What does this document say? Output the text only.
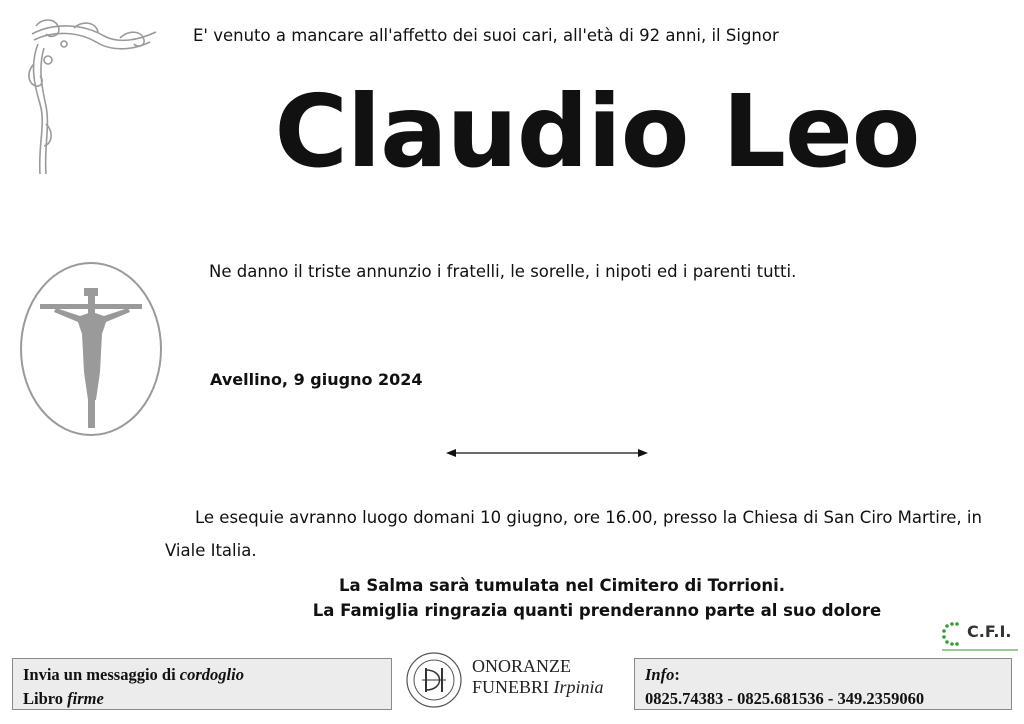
E' venuto a mancare all'affetto dei suoi cari, all'età di 92 anni, il Signor
Claudio Leo
Ne danno il triste annunzio i fratelli, le sorelle, i nipoti ed i parenti tutti.
Avellino, 9 giugno 2024
Le esequie avranno luogo domani 10 giugno, ore 16.00, presso la Chiesa di San Ciro Martire, in
Viale Italia.
La Salma sarà tumulata nel Cimitero di Torrioni.
La Famiglia ringrazia quanti prenderanno parte al suo dolore
C.F.I.
Invia un messaggio di cordoglio
Libro firme
ONORANZE
FUNEBRI Irpinia
Info:
0825.74383 - 0825.681536 - 349.2359060
